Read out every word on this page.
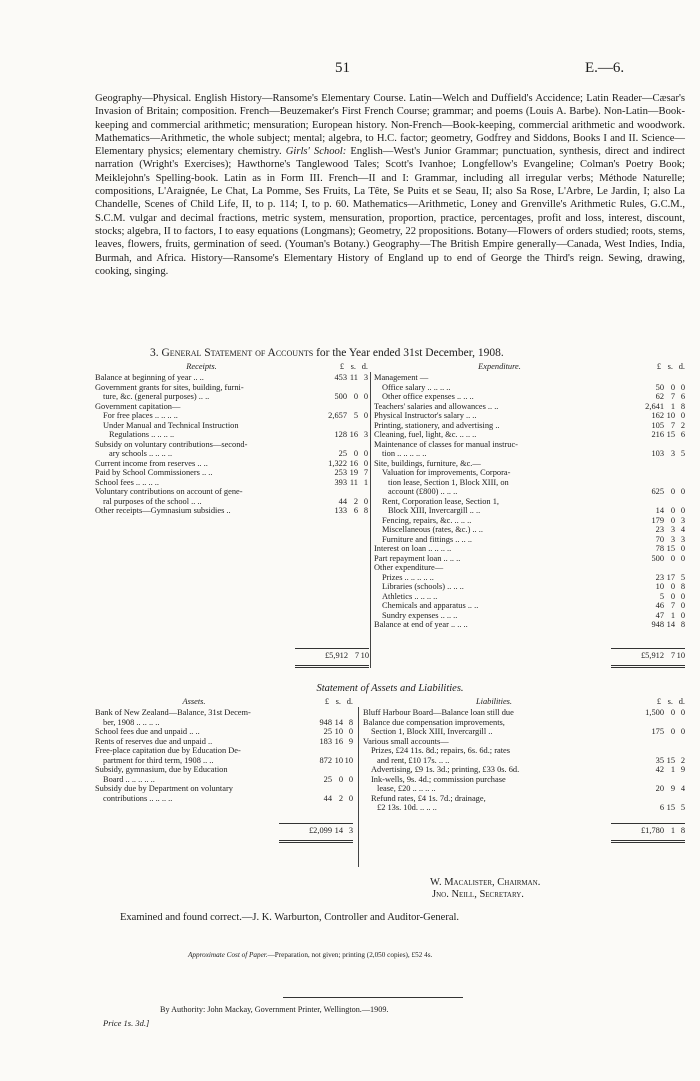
51	E.—6.

Geography—Physical. English History—Ransome's Elementary Course. Latin—Welch and Duffield's Accidence; Latin Reader—Cæsar's Invasion of Britain; composition. French—Beuzemaker's First French Course; grammar; and poems (Louis A. Barbe). Non-Latin—Book-keeping and commercial arithmetic; mensuration; European history. Non-French—Book-keeping, commercial arithmetic and woodwork. Mathematics—Arithmetic, the whole subject; mental; algebra, to H.C. factor; geometry, Godfrey and Siddons, Books I and II. Science—Elementary physics; elementary chemistry. Girls' School: English—West's Junior Grammar; punctuation, synthesis, direct and indirect narration (Wright's Exercises); Hawthorne's Tanglewood Tales; Scott's Ivanhoe; Longfellow's Evangeline; Colman's Poetry Book; Meiklejohn's Spelling-book. Latin as in Form III. French—II and I: Grammar, including all irregular verbs; Méthode Naturelle; compositions, L'Araignée, Le Chat, La Pomme, Ses Fruits, La Tête, Se Puits et se Seau, II; also Sa Rose, L'Arbre, Le Jardin, I; also La Chandelle, Scenes of Child Life, II, to p. 114; I, to p. 60. Mathematics—Arithmetic, Loney and Grenville's Arithmetic Rules, G.C.M., S.C.M. vulgar and decimal fractions, metric system, mensuration, proportion, practice, percentages, profit and loss, interest, discount, stocks; algebra, II to factors, I to easy equations (Longmans); Geometry, 22 propositions. Botany—Flowers of orders studied; roots, stems, leaves, flowers, fruits, germination of seed. (Youman's Botany.) Geography—The British Empire generally—Canada, West Indies, India, Burmah, and Africa. History—Ransome's Elementary History of England up to end of George the Third's reign. Sewing, drawing, cooking, singing.

3. General Statement of Accounts for the Year ended 31st December, 1908.
Receipts.	£ s. d.
Balance at beginning of year .. ..	453 11 3
Government grants for sites, building, furni-
ture, &c. (general purposes) .. ..	500 0 0
Government capitation—
For free places .. .. .. ..	2,657 5 0
Under Manual and Technical Instruction
Regulations .. .. .. ..	128 16 3
Subsidy on voluntary contributions—second-
ary schools .. .. .. ..	25 0 0
Current income from reserves .. ..	1,322 16 0
Paid by School Commissioners .. ..	253 19 7
School fees .. .. .. ..	393 11 1
Voluntary contributions on account of gene-
ral purposes of the school .. ..	44 2 0
Other receipts—Gymnasium subsidies ..	133 6 8
Expenditure.	£ s. d.
Management —
Office salary .. .. .. ..	50 0 0
Other office expenses .. .. ..	62 7 6
Teachers' salaries and allowances .. ..	2,641 1 8
Physical Instructor's salary .. ..	162 10 0
Printing, stationery, and advertising ..	105 7 2
Cleaning, fuel, light, &c. .. .. ..	216 15 6
Maintenance of classes for manual instruc-
tion .. .. .. .. ..	103 3 5
Site, buildings, furniture, &c.—
Valuation for improvements, Corpora-
tion lease, Section 1, Block XIII, on
account (£800) .. .. ..	625 0 0
Rent, Corporation lease, Section 1,
Block XIII, Invercargill .. ..	14 0 0
Fencing, repairs, &c. .. .. ..	179 0 3
Miscellaneous (rates, &c.) .. ..	23 3 4
Furniture and fittings .. .. ..	70 3 3
Interest on loan .. .. .. ..	78 15 0
Part repayment loan .. .. ..	500 0 0
Other expenditure—
Prizes .. .. .. .. ..	23 17 5
Libraries (schools) .. .. ..	10 0 8
Athletics .. .. .. ..	5 0 0
Chemicals and apparatus .. ..	46 7 0
Sundry expenses .. .. ..	47 1 0
Balance at end of year .. .. ..	948 14 8
£5,912 7 10	£5,912 7 10
Statement of Assets and Liabilities.
Assets.	£ s. d.
Bank of New Zealand—Balance, 31st Decem-
ber, 1908 .. .. .. ..	948 14 8
School fees due and unpaid .. ..	25 10 0
Rents of reserves due and unpaid ..	183 16 9
Free-place capitation due by Education De-
partment for third term, 1908 .. ..	872 10 10
Subsidy, gymnasium, due by Education
Board .. .. .. .. ..	25 0 0
Subsidy due by Department on voluntary
contributions .. .. .. ..	44 2 0
Liabilities.	£ s. d.
Bluff Harbour Board—Balance loan still due	1,500 0 0
Balance due compensation improvements,
Section 1, Block XIII, Invercargill ..	175 0 0
Various small accounts—
Prizes, £24 11s. 8d.; repairs, 6s. 6d.; rates
and rent, £10 17s. .. ..	35 15 2
Advertising, £9 1s. 3d.; printing, £33 0s. 6d.	42 1 9
Ink-wells, 9s. 4d.; commission purchase
lease, £20 .. .. .. ..	20 9 4
Refund rates, £4 1s. 7d.; drainage,
£2 13s. 10d. .. .. ..	6 15 5
£2,099 14 3	£1,780 1 8
W. Macalister, Chairman.
Jno. Neill, Secretary.
Examined and found correct.—J. K. Warburton, Controller and Auditor-General.
Approximate Cost of Paper.—Preparation, not given; printing (2,050 copies), £52 4s.
By Authority: John Mackay, Government Printer, Wellington.—1909.
Price 1s. 3d.]
